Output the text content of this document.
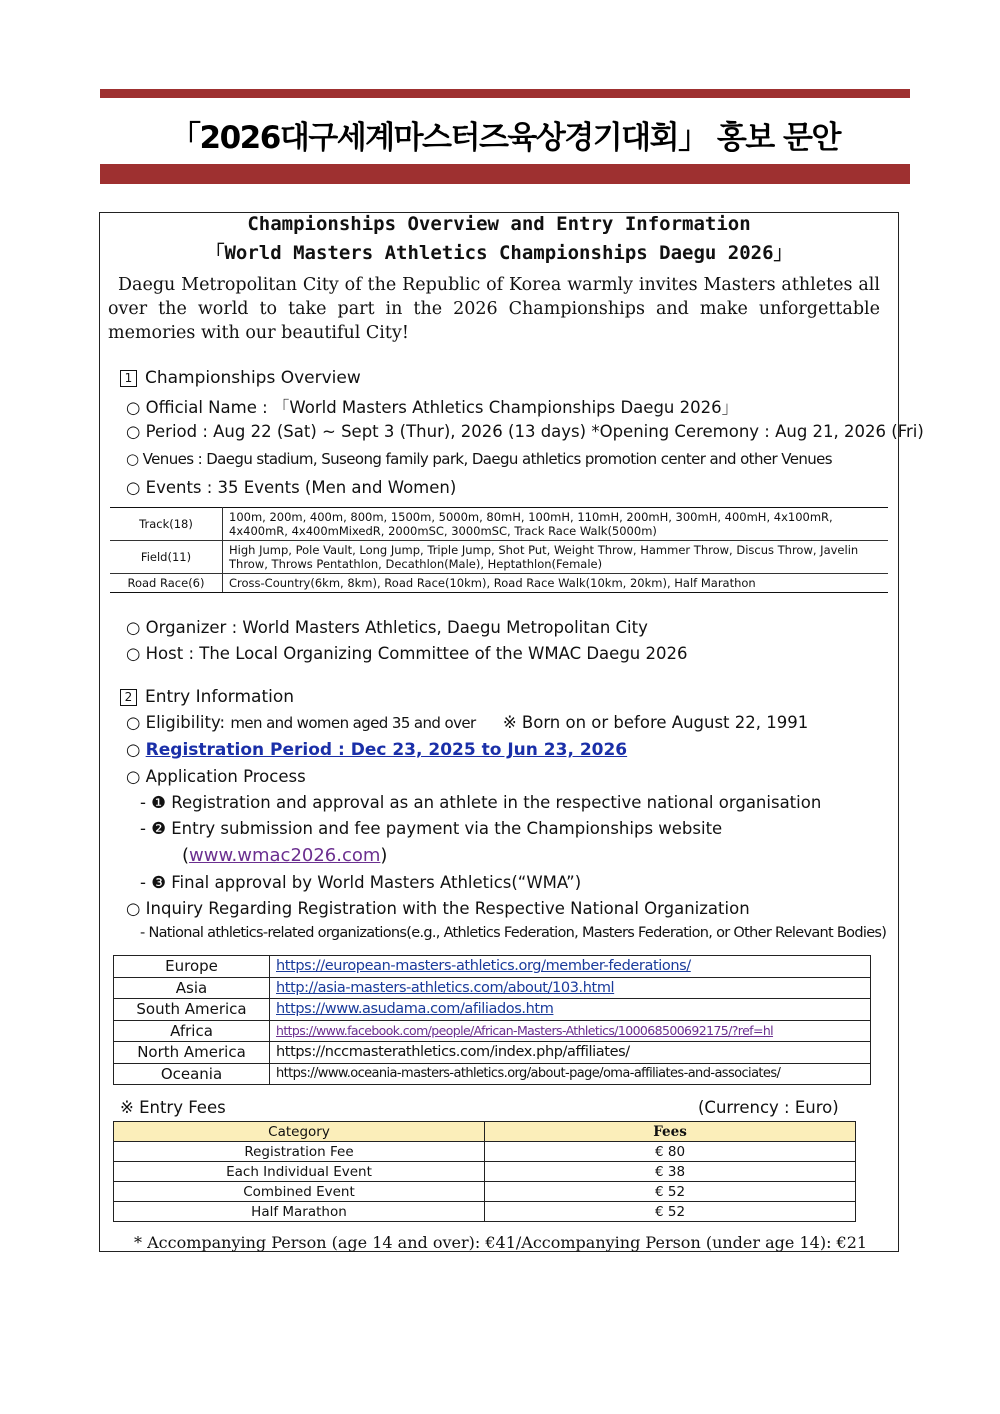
「2026대구세계마스터즈육상경기대회」 홍보 문안
Championships Overview and Entry Information
「World Masters Athletics Championships Daegu 2026」
Daegu Metropolitan City of the Republic of Korea warmly invites Masters athletes all over the world to take part in the 2026 Championships and make unforgettable memories with our beautiful City!
1 Championships Overview
○ Official Name : 「World Masters Athletics Championships Daegu 2026」
○ Period : Aug 22 (Sat) ~ Sept 3 (Thur), 2026 (13 days) *Opening Ceremony : Aug 21, 2026 (Fri)
○ Venues : Daegu stadium, Suseong family park, Daegu athletics promotion center and other Venues
○ Events : 35 Events (Men and Women)
Track(18)	100m, 200m, 400m, 800m, 1500m, 5000m, 80mH, 100mH, 110mH, 200mH, 300mH, 400mH, 4x100mR, 4x400mR, 4x400mMixedR, 2000mSC, 3000mSC, Track Race Walk(5000m)
Field(11)	High Jump, Pole Vault, Long Jump, Triple Jump, Shot Put, Weight Throw, Hammer Throw, Discus Throw, Javelin Throw, Throws Pentathlon, Decathlon(Male), Heptathlon(Female)
Road Race(6)	Cross-Country(6km, 8km), Road Race(10km), Road Race Walk(10km, 20km), Half Marathon
○ Organizer : World Masters Athletics, Daegu Metropolitan City
○ Host : The Local Organizing Committee of the WMAC Daegu 2026
2 Entry Information
○ Eligibility: men and women aged 35 and over ※ Born on or before August 22, 1991
○ Registration Period : Dec 23, 2025 to Jun 23, 2026
○ Application Process
- ❶ Registration and approval as an athlete in the respective national organisation
- ❷ Entry submission and fee payment via the Championships website
(www.wmac2026.com)
- ❸ Final approval by World Masters Athletics(“WMA”)
○ Inquiry Regarding Registration with the Respective National Organization
- National athletics-related organizations(e.g., Athletics Federation, Masters Federation, or Other Relevant Bodies)
Europe	https://european-masters-athletics.org/member-federations/
Asia	http://asia-masters-athletics.com/about/103.html
South America	https://www.asudama.com/afiliados.htm
Africa	https://www.facebook.com/people/African-Masters-Athletics/100068500692175/?ref=hl
North America	https://nccmasterathletics.com/index.php/affiliates/
Oceania	https://www.oceania-masters-athletics.org/about-page/oma-affiliates-and-associates/
※ Entry Fees	(Currency : Euro)
Category	Fees
Registration Fee	€ 80
Each Individual Event	€ 38
Combined Event	€ 52
Half Marathon	€ 52
* Accompanying Person (age 14 and over): €41/Accompanying Person (under age 14): €21
